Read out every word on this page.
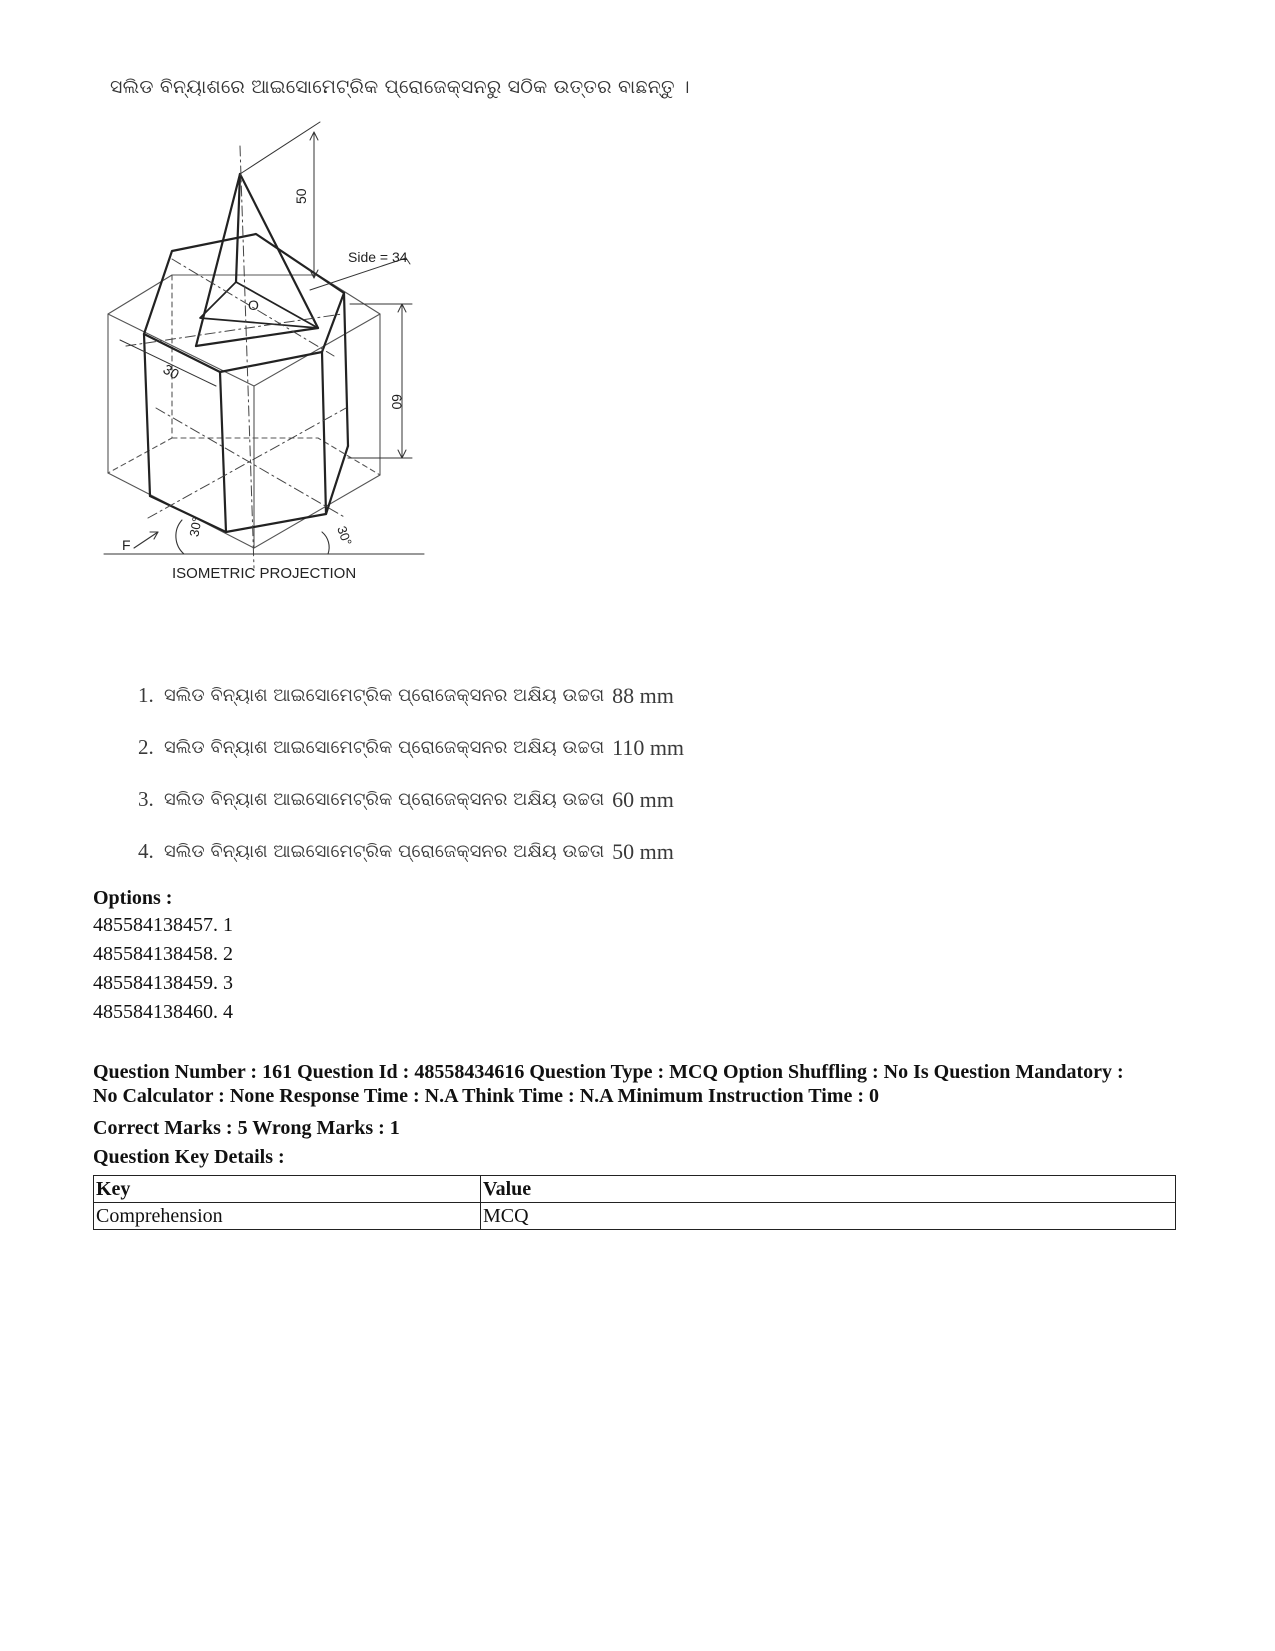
ସଲିଡ ବିନ୍ୟାଶରେ ଆଇସୋମେଟ୍ରିକ ପ୍ରୋଜେକ୍ସନରୁ ସଠିକ ଉତ୍ତର ବାଛନ୍ତୁ ।
50
Side = 34
O
30
60
F
30°	30°
ISOMETRIC PROJECTION
1. ସଲିଡ ବିନ୍ୟାଶ ଆଇସୋମେଟ୍ରିକ ପ୍ରୋଜେକ୍ସନର ଅକ୍ଷିୟ ଉଚ୍ଚତା 88 mm
2. ସଲିଡ ବିନ୍ୟାଶ ଆଇସୋମେଟ୍ରିକ ପ୍ରୋଜେକ୍ସନର ଅକ୍ଷିୟ ଉଚ୍ଚତା 110 mm
3. ସଲିଡ ବିନ୍ୟାଶ ଆଇସୋମେଟ୍ରିକ ପ୍ରୋଜେକ୍ସନର ଅକ୍ଷିୟ ଉଚ୍ଚତା 60 mm
4. ସଲିଡ ବିନ୍ୟାଶ ଆଇସୋମେଟ୍ରିକ ପ୍ରୋଜେକ୍ସନର ଅକ୍ଷିୟ ଉଚ୍ଚତା 50 mm
Options :
485584138457. 1
485584138458. 2
485584138459. 3
485584138460. 4
Question Number : 161 Question Id : 48558434616 Question Type : MCQ Option Shuffling : No Is Question Mandatory :
No Calculator : None Response Time : N.A Think Time : N.A Minimum Instruction Time : 0
Correct Marks : 5 Wrong Marks : 1
Question Key Details :
Key	Value
Comprehension	MCQ
